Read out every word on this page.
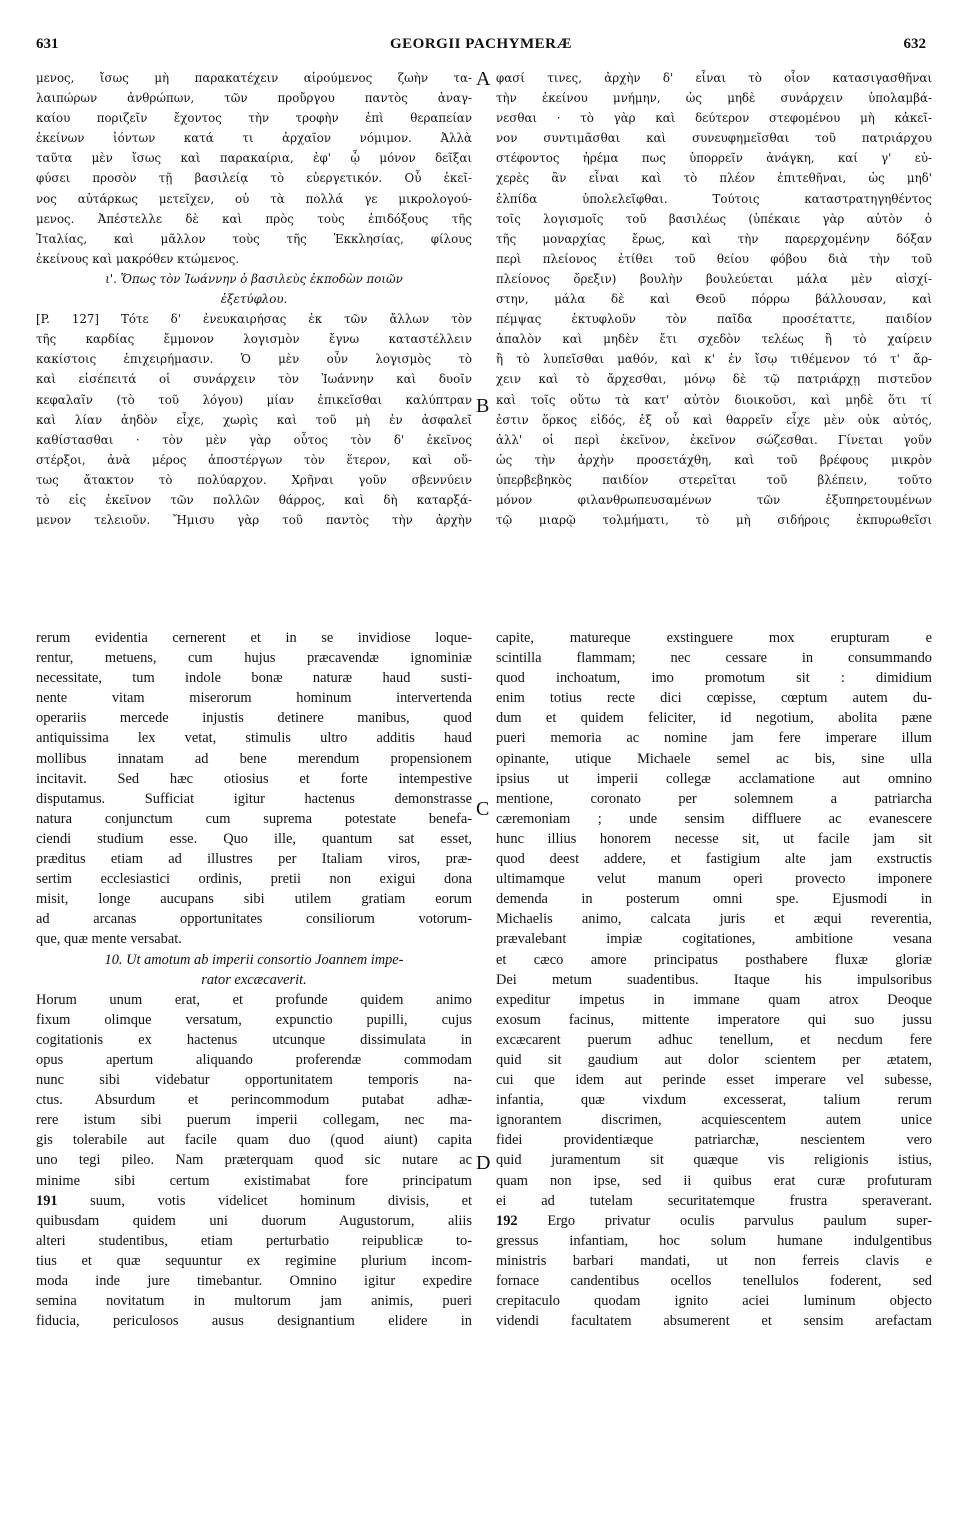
631	GEORGII PACHYMERÆ	632
A
B
C
D
μενος, ἴσως μὴ παρακατέχειν αἱρούμενος ζωὴν τα-
λαιπώρων ἀνθρώπων, τῶν προὔργου παντὸς ἀναγ-
καίου ποριζεῖν ἔχοντος τὴν τροφὴν ἐπὶ θεραπείαν
ἐκείνων ἰόντων κατά τι ἀρχαῖον νόμιμον. Ἀλλὰ
ταῦτα μὲν ἴσως καὶ παρακαίρια, ἐφ' ᾧ μόνον δεῖξαι
φύσει προσὸν τῇ βασιλείᾳ τὸ εὐεργετικόν. Οὗ ἐκεῖ-
νος αὐτάρκως μετεῖχεν, οὐ τὰ πολλά γε μικρολογού-
μενος. Ἀπέστελλε δὲ καὶ πρὸς τοὺς ἐπιδόξους τῆς
Ἰταλίας, καὶ μᾶλλον τοὺς τῆς Ἐκκλησίας, φίλους
ἐκείνους καὶ μακρόθεν κτώμενος.
ι'. Ὅπως τὸν Ἰωάννην ὁ βασιλεὺς ἐκποδὼν ποιῶν
ἐξετύφλου.
[P. 127] Τότε δ' ἐνευκαιρήσας ἐκ τῶν ἄλλων τὸν
τῆς καρδίας ἔμμονον λογισμὸν ἔγνω καταστέλλειν
κακίστοις ἐπιχειρήμασιν. Ὁ μὲν οὖν λογισμὸς τὸ
καὶ εἰσέπειτά οἱ συνάρχειν τὸν Ἰωάννην καὶ δυοῖν
κεφαλαῖν (τὸ τοῦ λόγου) μίαν ἐπικεῖσθαι καλύπτραν
καὶ λίαν ἀηδὸν εἶχε, χωρὶς καὶ τοῦ μὴ ἐν ἀσφαλεῖ
καθίστασθαι · τὸν μὲν γὰρ οὗτος τὸν δ' ἐκεῖνος
στέρξοι, ἀνὰ μέρος ἀποστέργων τὸν ἕτερον, καὶ οὕ-
τως ἄτακτον τὸ πολύαρχον. Χρῆναι γοῦν σβεννύειν
τὸ εἰς ἐκεῖνον τῶν πολλῶν θάρρος, καὶ δὴ καταρξά-
μενον τελειοῦν. Ἤμισυ γὰρ τοῦ παντὸς τὴν ἀρχὴν
φασί τινες, ἀρχὴν δ' εἶναι τὸ οἷον κατασιγασθῆναι
τὴν ἐκείνου μνήμην, ὡς μηδὲ συνάρχειν ὑπολαμβά-
νεσθαι · τὸ γὰρ καὶ δεύτερον στεφομένου μὴ κἀκεῖ-
νον συντιμᾶσθαι καὶ συνευφημεῖσθαι τοῦ πατριάρχου
στέφοντος ἠρέμα πως ὑπορρεῖν ἀνάγκη, καί γ' εὐ-
χερὲς ἂν εἶναι καὶ τὸ πλέον ἐπιτεθῆναι, ὡς μηδ'
ἐλπίδα ὑπολελεῖφθαι. Τούτοις καταστρατηγηθέντος
τοῖς λογισμοῖς τοῦ βασιλέως (ὑπέκαιε γὰρ αὐτὸν ὁ
τῆς μοναρχίας ἔρως, καὶ τὴν παρερχομένην δόξαν
περὶ πλείονος ἐτίθει τοῦ θείου φόβου διὰ τὴν τοῦ
πλείονος ὄρεξιν) βουλὴν βουλεύεται μάλα μὲν αἰσχί-
στην, μάλα δὲ καὶ Θεοῦ πόρρω βάλλουσαν, καὶ
πέμψας ἐκτυφλοῦν τὸν παῖδα προσέταττε, παιδίον
ἁπαλὸν καὶ μηδὲν ἔτι σχεδὸν τελέως ἢ τὸ χαίρειν
ἢ τὸ λυπεῖσθαι μαθόν, καὶ κ' ἐν ἴσῳ τιθέμενον τό τ' ἄρ-
χειν καὶ τὸ ἄρχεσθαι, μόνῳ δὲ τῷ πατριάρχῃ πιστεῦον
καὶ τοῖς οὕτω τὰ κατ' αὐτὸν διοικοῦσι, καὶ μηδὲ ὅτι τί
ἐστιν ὅρκος εἰδός, ἐξ οὗ καὶ θαρρεῖν εἶχε μὲν οὐκ αὐτός,
ἀλλ' οἱ περὶ ἐκεῖνον, ἐκεῖνον σώζεσθαι. Γίνεται γοῦν
ὡς τὴν ἀρχὴν προσετάχθη, καὶ τοῦ βρέφους μικρὸν
ὑπερβεβηκὸς παιδίον στερεῖται τοῦ βλέπειν, τοῦτο
μόνον φιλανθρωπευσαμένων τῶν ἐξυπηρετουμένων
τῷ μιαρῷ τολμήματι, τὸ μὴ σιδήροις ἐκπυρωθεῖσι
rerum evidentia cernerent et in se invidiose loque-
rentur, metuens, cum hujus præcavendæ ignominiæ
necessitate, tum indole bonæ naturæ haud susti-
nente vitam miserorum hominum intervertenda
operariis mercede injustis detinere manibus, quod
antiquissima lex vetat, stimulis ultro additis haud
mollibus innatam ad bene merendum propensionem
incitavit. Sed hæc otiosius et forte intempestive
disputamus. Sufficiat igitur hactenus demonstrasse
natura conjunctum cum suprema potestate benefa-
ciendi studium esse. Quo ille, quantum sat esset,
præditus etiam ad illustres per Italiam viros, præ-
sertim ecclesiastici ordinis, pretii non exigui dona
misit, longe aucupans sibi utilem gratiam eorum
ad arcanas opportunitates consiliorum votorum-
que, quæ mente versabat.
10. Ut amotum ab imperii consortio Joannem impe-
rator excæcaverit.
Horum unum erat, et profunde quidem animo
fixum olimque versatum, expunctio pupilli, cujus
cogitationis ex hactenus utcunque dissimulata in
opus apertum aliquando proferendæ commodam
nunc sibi videbatur opportunitatem temporis na-
ctus. Absurdum et perincommodum putabat adhæ-
rere istum sibi puerum imperii collegam, nec ma-
gis tolerabile aut facile quam duo (quod aiunt) capita
uno tegi pileo. Nam præterquam quod sic nutare ac
minime sibi certum existimabat fore principatum
191 suum, votis videlicet hominum divisis, et
quibusdam quidem uni duorum Augustorum, aliis
alteri studentibus, etiam perturbatio reipublicæ to-
tius et quæ sequuntur ex regimine plurium incom-
moda inde jure timebantur. Omnino igitur expedire
semina novitatum in multorum jam animis, pueri
fiducia, periculosos ausus designantium elidere in
capite, matureque exstinguere mox erupturam e
scintilla flammam; nec cessare in consummando
quod inchoatum, imo promotum sit : dimidium
enim totius recte dici cœpisse, cœptum autem du-
dum et quidem feliciter, id negotium, abolita pæne
pueri memoria ac nomine jam fere imperare illum
opinante, utique Michaele semel ac bis, sine ulla
ipsius ut imperii collegæ acclamatione aut omnino
mentione, coronato per solemnem a patriarcha
cæremoniam ; unde sensim diffluere ac evanescere
hunc illius honorem necesse sit, ut facile jam sit
quod deest addere, et fastigium alte jam exstructis
ultimamque velut manum operi provecto imponere
demenda in posterum omni spe. Ejusmodi in
Michaelis animo, calcata juris et æqui reverentia,
prævalebant impiæ cogitationes, ambitione vesana
et cæco amore principatus posthabere fluxæ gloriæ
Dei metum suadentibus. Itaque his impulsoribus
expeditur impetus in immane quam atrox Deoque
exosum facinus, mittente imperatore qui suo jussu
excæcarent puerum adhuc tenellum, et necdum fere
quid sit gaudium aut dolor scientem per ætatem,
cui que idem aut perinde esset imperare vel subesse,
infantia, quæ vixdum excesserat, talium rerum
ignorantem discrimen, acquiescentem autem unice
fidei providentiæque patriarchæ, nescientem vero
quid juramentum sit quæque vis religionis istius,
quam non ipse, sed ii quibus erat curæ profuturam
ei ad tutelam securitatemque frustra speraverant.
192 Ergo privatur oculis parvulus paulum super-
gressus infantiam, hoc solum humane indulgentibus
ministris barbari mandati, ut non ferreis clavis e
fornace candentibus ocellos tenellulos foderent, sed
crepitaculo quodam ignito aciei luminum objecto
videndi facultatem absumerent et sensim arefactam
